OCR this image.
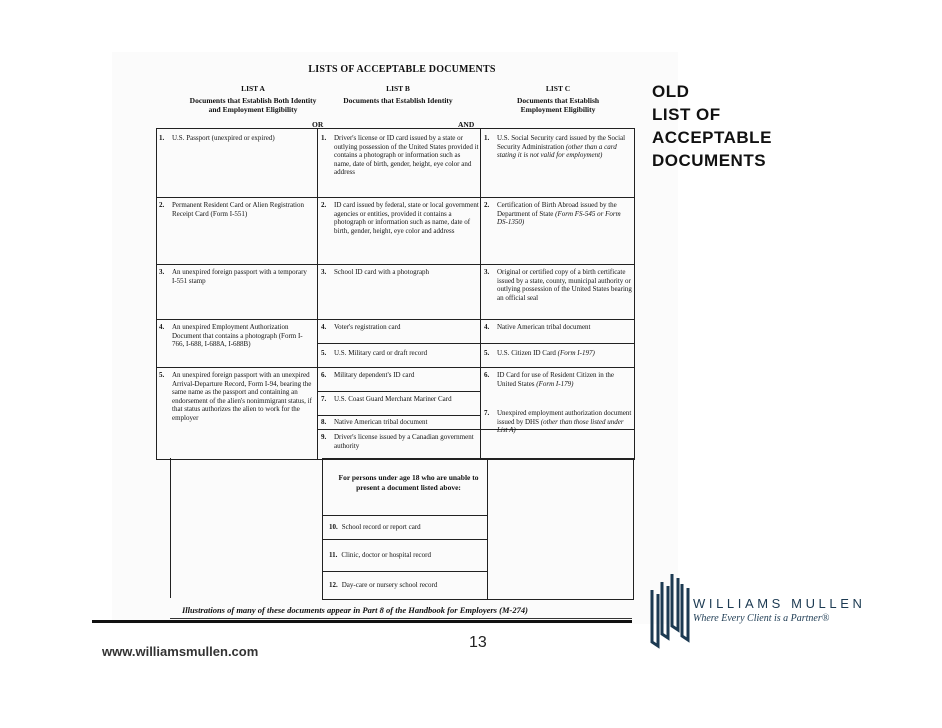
LISTS OF ACCEPTABLE DOCUMENTS
LIST A
Documents that Establish Both Identity and Employment Eligibility
LIST B
Documents that Establish Identity
LIST C
Documents that Establish Employment Eligibility
OR	AND
1. U.S. Passport (unexpired or expired)
2. Permanent Resident Card or Alien Registration Receipt Card (Form I-551)
3. An unexpired foreign passport with a temporary I-551 stamp
4. An unexpired Employment Authorization Document that contains a photograph (Form I-766, I-688, I-688A, I-688B)
5. An unexpired foreign passport with an unexpired Arrival-Departure Record, Form I-94, bearing the same name as the passport and containing an endorsement of the alien's nonimmigrant status, if that status authorizes the alien to work for the employer
1. Driver's license or ID card issued by a state or outlying possession of the United States provided it contains a photograph or information such as name, date of birth, gender, height, eye color and address
2. ID card issued by federal, state or local government agencies or entities, provided it contains a photograph or information such as name, date of birth, gender, height, eye color and address
3. School ID card with a photograph
4. Voter's registration card
5. U.S. Military card or draft record
6. Military dependent's ID card
7. U.S. Coast Guard Merchant Mariner Card
8. Native American tribal document
9. Driver's license issued by a Canadian government authority
1. U.S. Social Security card issued by the Social Security Administration (other than a card stating it is not valid for employment)
2. Certification of Birth Abroad issued by the Department of State (Form FS-545 or Form DS-1350)
3. Original or certified copy of a birth certificate issued by a state, county, municipal authority or outlying possession of the United States bearing an official seal
4. Native American tribal document
5. U.S. Citizen ID Card (Form I-197)
6. ID Card for use of Resident Citizen in the United States (Form I-179)
7. Unexpired employment authorization document issued by DHS (other than those listed under List A)
For persons under age 18 who are unable to present a document listed above:
10. School record or report card
11. Clinic, doctor or hospital record
12. Day-care or nursery school record
Illustrations of many of these documents appear in Part 8 of the Handbook for Employers (M-274)
OLD
LIST OF
ACCEPTABLE
DOCUMENTS
www.williamsmullen.com
13
WILLIAMS MULLEN
Where Every Client is a Partner®
